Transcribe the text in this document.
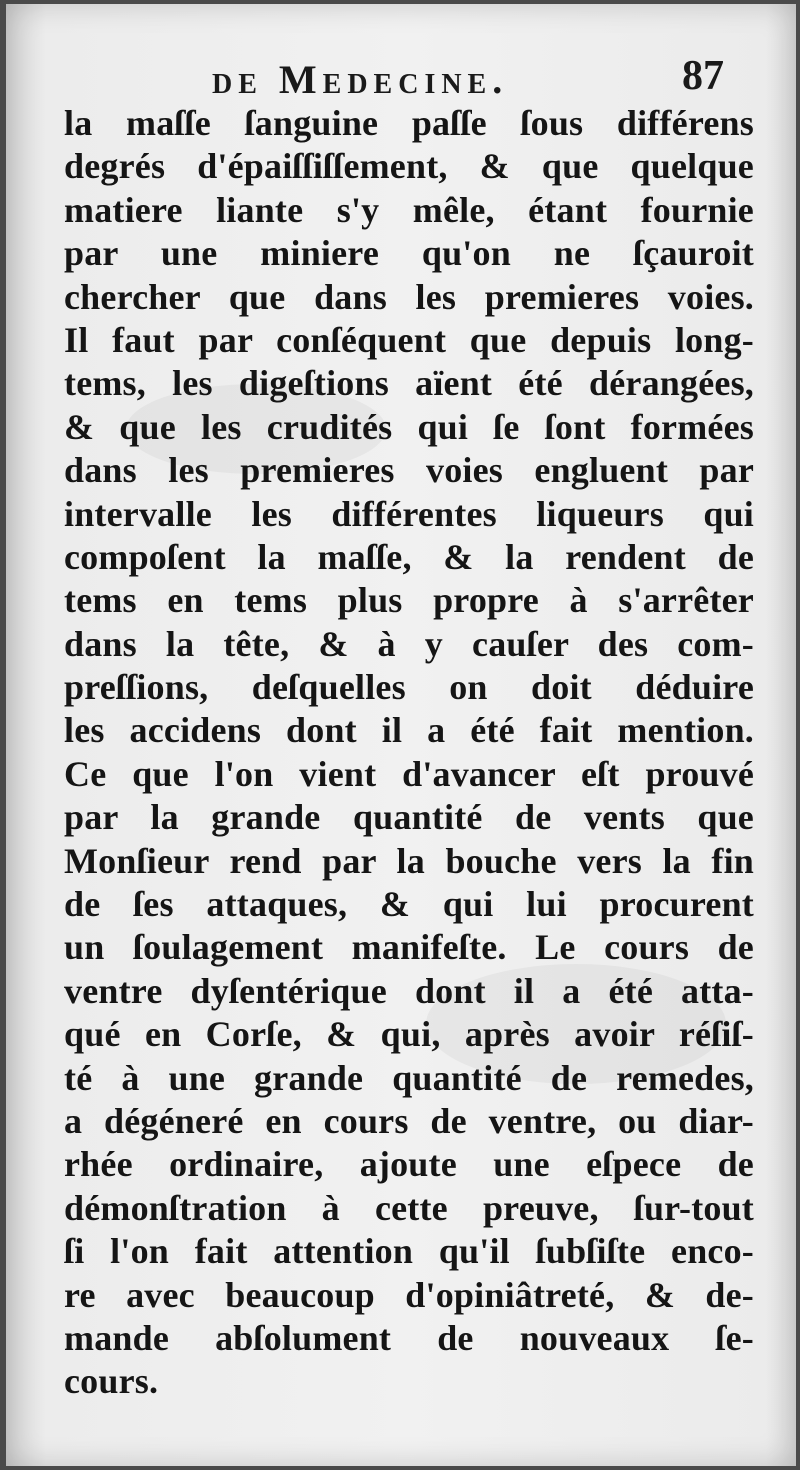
de Medecine.	87
la maſſe ſanguine paſſe ſous différens
degrés d'épaiſſiſſement, & que quelque
matiere liante s'y mêle, étant fournie
par une miniere qu'on ne ſçauroit
chercher que dans les premieres voies.
Il faut par conſéquent que depuis long-
tems, les digeſtions aïent été dérangées,
& que les crudités qui ſe ſont formées
dans les premieres voies engluent par
intervalle les différentes liqueurs qui
compoſent la maſſe, & la rendent de
tems en tems plus propre à s'arrêter
dans la tête, & à y cauſer des com-
preſſions, deſquelles on doit déduire
les accidens dont il a été fait mention.
Ce que l'on vient d'avancer eſt prouvé
par la grande quantité de vents que
Monſieur rend par la bouche vers la fin
de ſes attaques, & qui lui procurent
un ſoulagement manifeſte. Le cours de
ventre dyſentérique dont il a été atta-
qué en Corſe, & qui, après avoir réſiſ-
té à une grande quantité de remedes,
a dégéneré en cours de ventre, ou diar-
rhée ordinaire, ajoute une eſpece de
démonſtration à cette preuve, ſur-tout
ſi l'on fait attention qu'il ſubſiſte enco-
re avec beaucoup d'opiniâtreté, & de-
mande abſolument de nouveaux ſe-
cours.
